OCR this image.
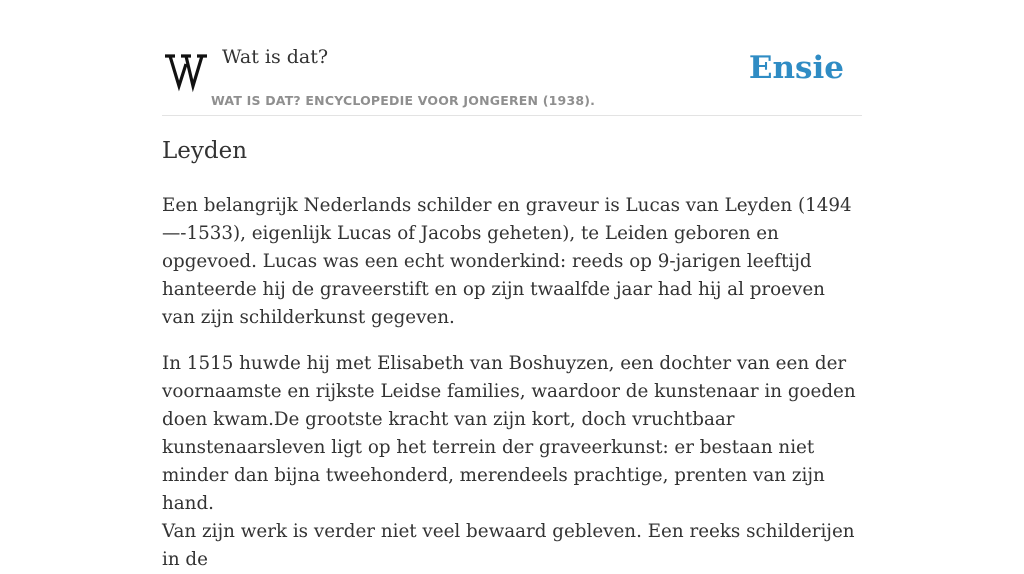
Wat is dat?
WAT IS DAT? ENCYCLOPEDIE VOOR JONGEREN (1938).
Ensie
Leyden

Een belangrijk Nederlands schilder en graveur is Lucas van Leyden (1494 —-1533), eigenlijk Lucas of Jacobs geheten), te Leiden geboren en opgevoed. Lucas was een echt wonderkind: reeds op 9-jarigen leeftijd hanteerde hij de graveerstift en op zijn twaalfde jaar had hij al proeven van zijn schilderkunst gegeven.

In 1515 huwde hij met Elisabeth van Boshuyzen, een dochter van een der voornaamste en rijkste Leidse families, waardoor de kunstenaar in goeden doen kwam.De grootste kracht van zijn kort, doch vruchtbaar kunstenaarsleven ligt op het terrein der graveerkunst: er bestaan niet minder dan bijna tweehonderd, merendeels prachtige, prenten van zijn hand.

Van zijn werk is verder niet veel bewaard gebleven. Een reeks schilderijen in de
